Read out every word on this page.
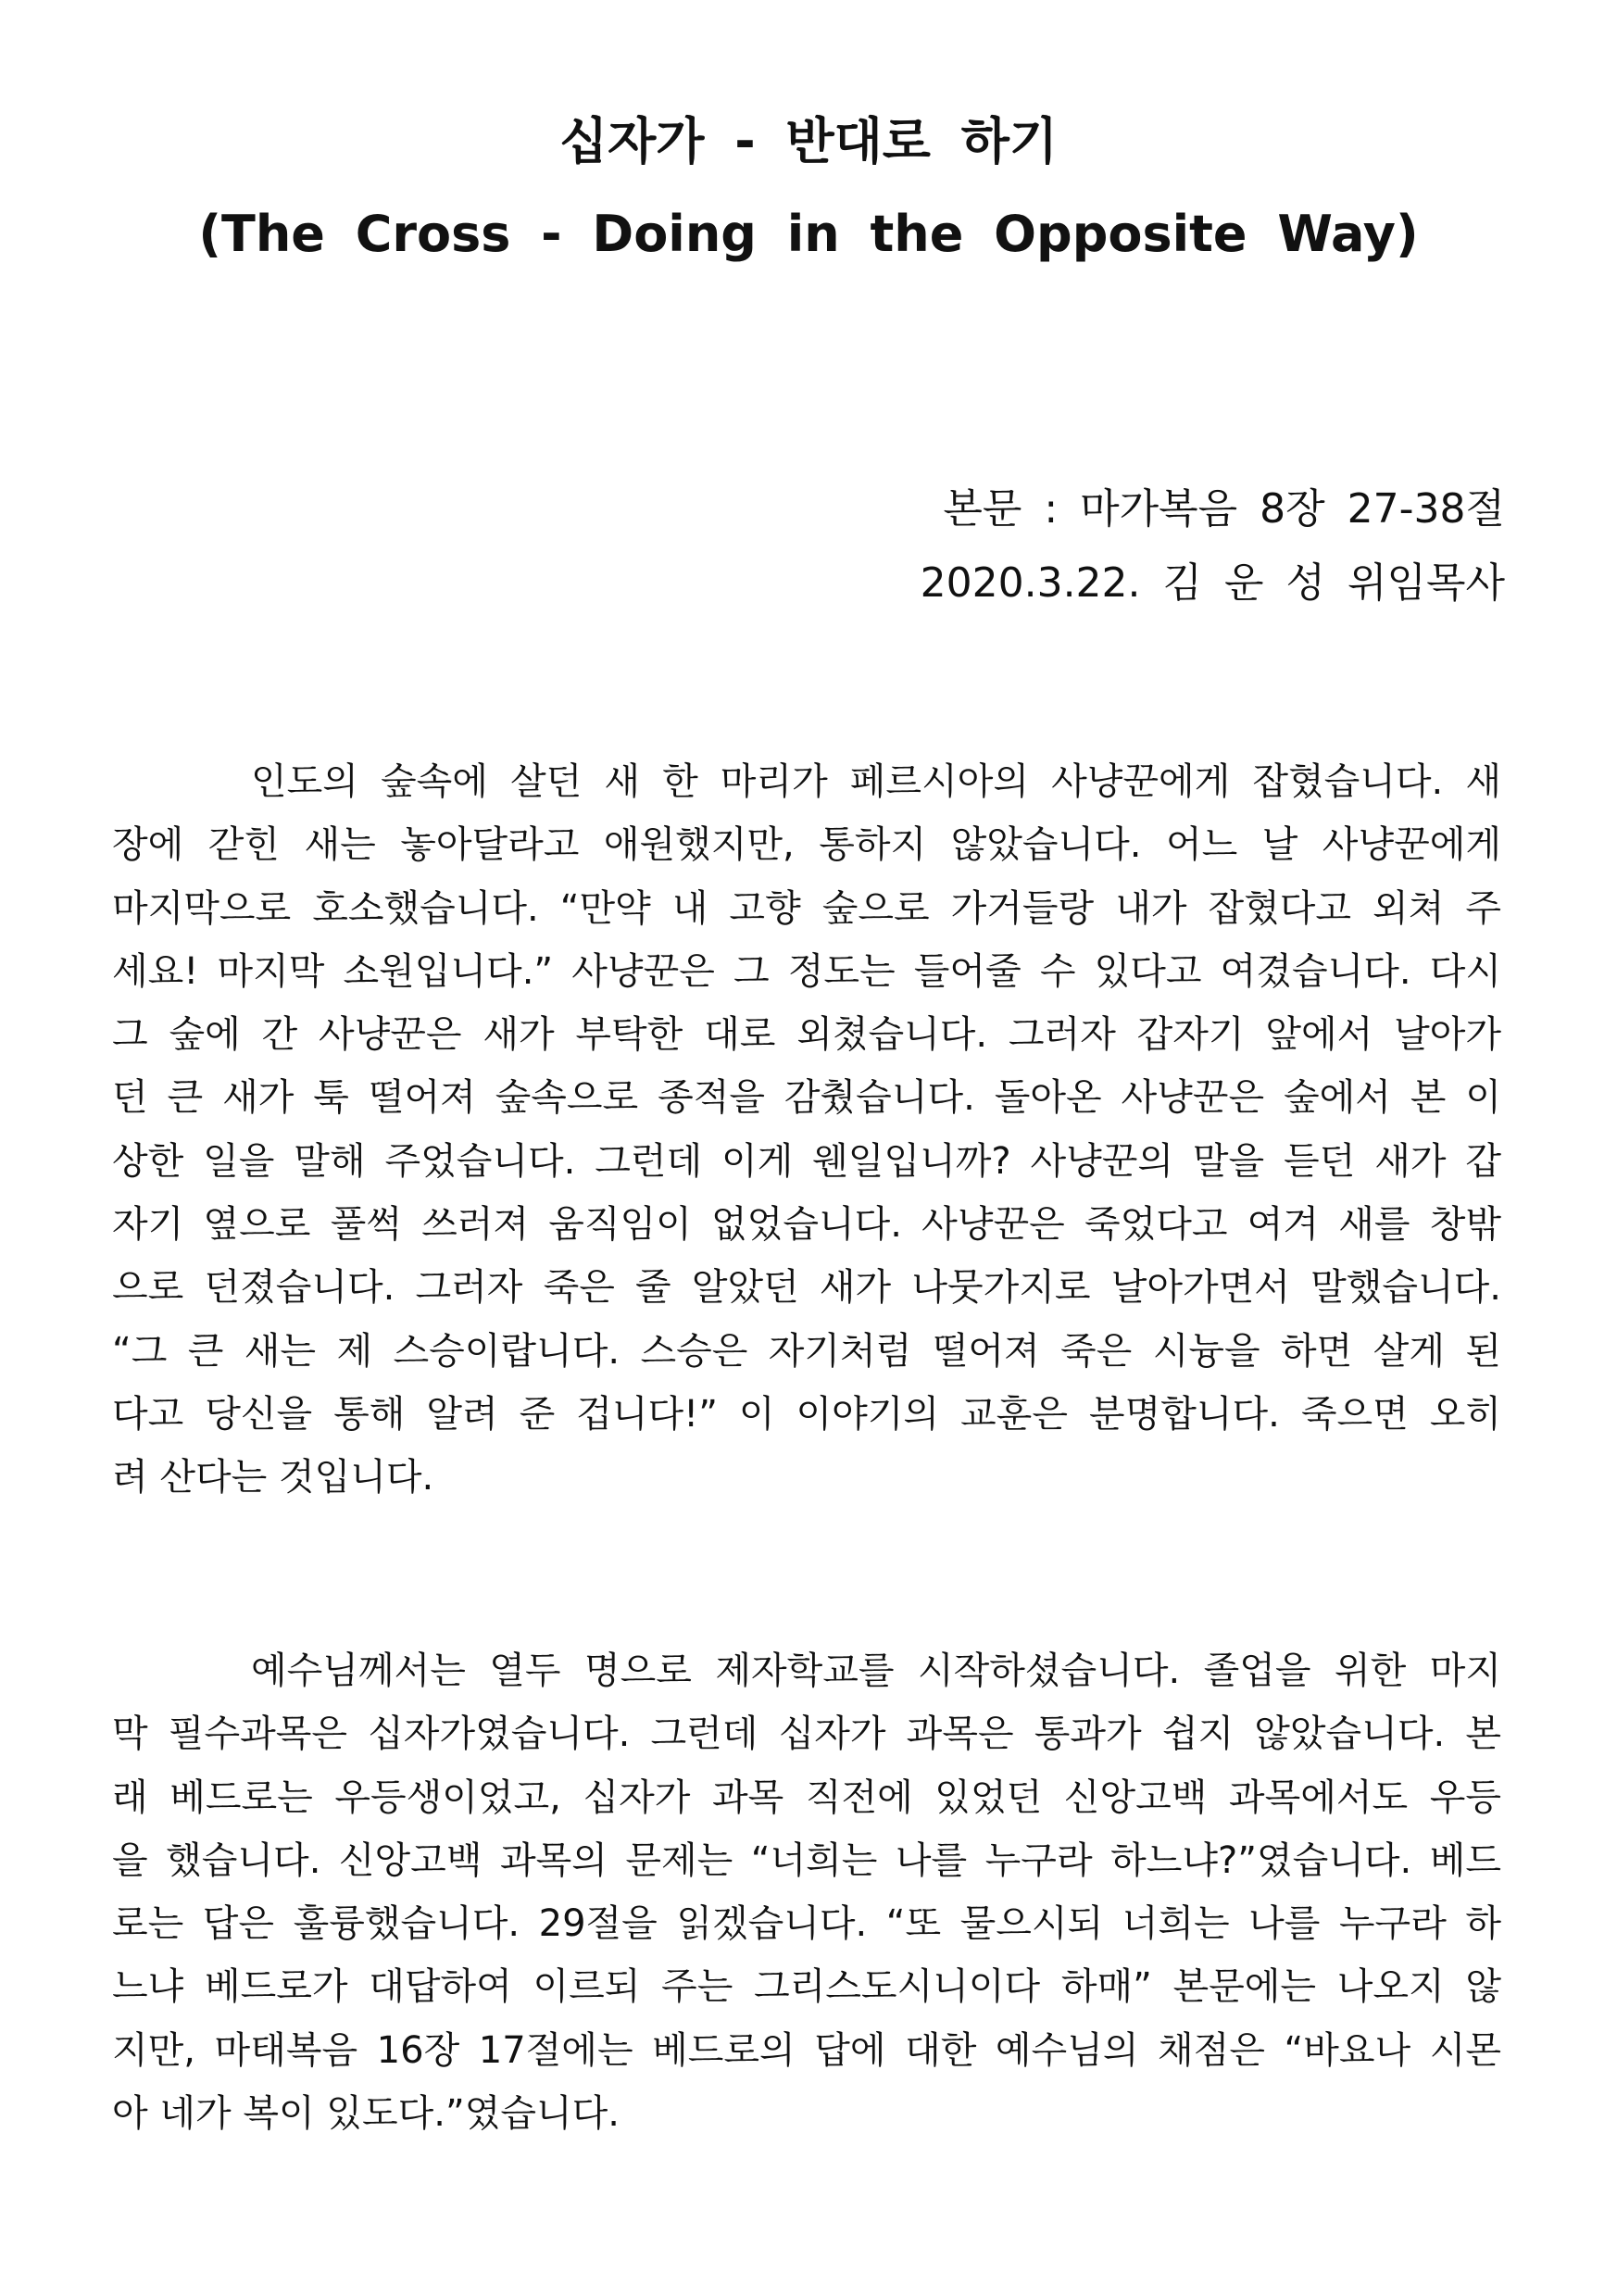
십자가 - 반대로 하기
(The Cross - Doing in the Opposite Way)
본문 : 마가복음 8장 27-38절
2020.3.22. 김 운 성 위임목사
인도의 숲속에 살던 새 한 마리가 페르시아의 사냥꾼에게 잡혔습니다. 새
장에 갇힌 새는 놓아달라고 애원했지만, 통하지 않았습니다. 어느 날 사냥꾼에게
마지막으로 호소했습니다. “만약 내 고향 숲으로 가거들랑 내가 잡혔다고 외쳐 주
세요! 마지막 소원입니다.” 사냥꾼은 그 정도는 들어줄 수 있다고 여겼습니다. 다시
그 숲에 간 사냥꾼은 새가 부탁한 대로 외쳤습니다. 그러자 갑자기 앞에서 날아가
던 큰 새가 툭 떨어져 숲속으로 종적을 감췄습니다. 돌아온 사냥꾼은 숲에서 본 이
상한 일을 말해 주었습니다. 그런데 이게 웬일입니까? 사냥꾼의 말을 듣던 새가 갑
자기 옆으로 풀썩 쓰러져 움직임이 없었습니다. 사냥꾼은 죽었다고 여겨 새를 창밖
으로 던졌습니다. 그러자 죽은 줄 알았던 새가 나뭇가지로 날아가면서 말했습니다.
“그 큰 새는 제 스승이랍니다. 스승은 자기처럼 떨어져 죽은 시늉을 하면 살게 된
다고 당신을 통해 알려 준 겁니다!” 이 이야기의 교훈은 분명합니다. 죽으면 오히
려 산다는 것입니다.
예수님께서는 열두 명으로 제자학교를 시작하셨습니다. 졸업을 위한 마지
막 필수과목은 십자가였습니다. 그런데 십자가 과목은 통과가 쉽지 않았습니다. 본
래 베드로는 우등생이었고, 십자가 과목 직전에 있었던 신앙고백 과목에서도 우등
을 했습니다. 신앙고백 과목의 문제는 “너희는 나를 누구라 하느냐?”였습니다. 베드
로는 답은 훌륭했습니다. 29절을 읽겠습니다. “또 물으시되 너희는 나를 누구라 하
느냐 베드로가 대답하여 이르되 주는 그리스도시니이다 하매” 본문에는 나오지 않
지만, 마태복음 16장 17절에는 베드로의 답에 대한 예수님의 채점은 “바요나 시몬
아 네가 복이 있도다.”였습니다.
